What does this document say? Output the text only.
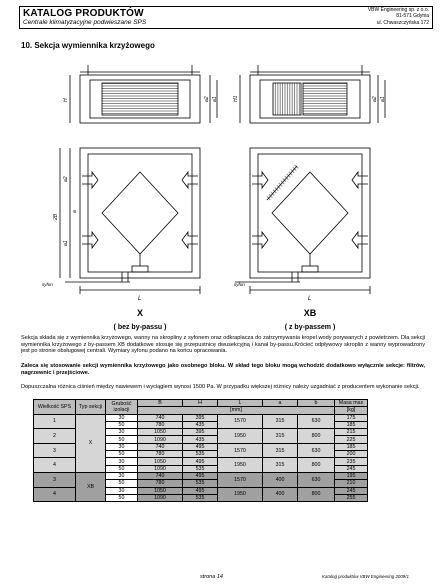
KATALOG PRODUKTÓW
Centrale klimatyzacyjne podwieszane SPS
VBW Engineering sp. z o.o.
81-571 Gdynia
ul. Chwaszczyńska 172
10. Sekcja wymiennika krzyżowego
H	a2 a1	H1	a2 a1
a2
a1
a
2B
syfon
L
syfon
L
X
( bez by-passu )
XB
( z by-passem )
Sekcja składa się z wymiennika krzyżowego, wanny na skropliny z syfonem oraz odkraplacza do zatrzymywania kropel wody porywanych z powietrzem. Dla sekcji wymiennika krzyżowego z by-passem XB dodatkowe stosuje się przepustnicę dwusekcyjną i kanał by-passu.Krócieć odpływowy skroplin z wanny wyprowadzony jest po stronie obsługowej centrali. Wymiary syfonu podano na końcu opracowania.
Zaleca się stosowanie sekcji wymiennika krzyżowego jako osobnego bloku. W skład tego bloku mogą wchodzić dodatkowo wyłącznie sekcje: filtrów, nagrzewnic i przejściowe.
Dopuszczalna różnica ciśnień między nawiewem i wyciągiem wynosi 1500 Pa. W przypadku większej różnicy należy uzgadniać z producentem wykonanie sekcji.
Wielkość SPS	Typ sekcji	Grubość izolacji	B	H	L	a	b	Masa max
			[mm]					[kg]
1	X	30	740	395	1570	315	630	175
		50	780	435				185
2		30	1050	395	1950	315	800	215
		50	1090	435				225
3		30	740	495	1570	315	630	185
		50	780	535				200
4		30	1050	495	1950	315	800	235
		50	1090	535				245
3	XB	30	740	495	1570	400	630	195
		50	780	535				210
4		30	1050	495	1950	400	800	245
		50	1090	535				255
strona 14	Katalog produktów VBW Engineering 2009/1
